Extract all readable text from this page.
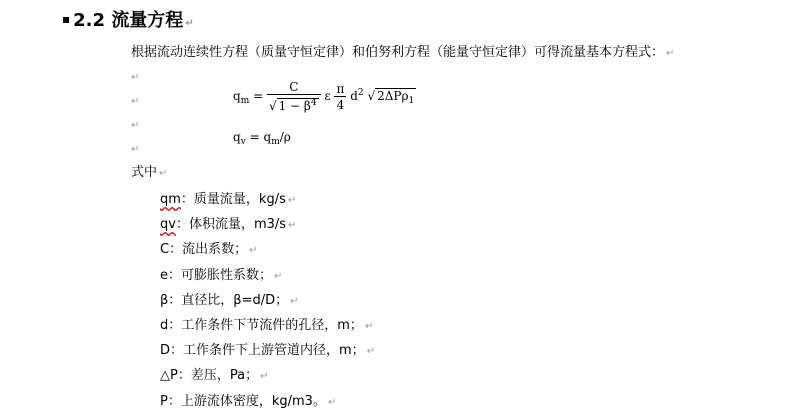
▪ 2.2 流量方程 ↵
根据流动连续性方程（质量守恒定律）和伯努利方程（能量守恒定律）可得流量基本方程式： ↵
↵
↵
↵
↵
$q_m = \frac{C}{√ 1 - \beta^4}$ ε $\frac{\pi}{4} d^2$ √ 2ΔPρ$_1$
$q_v = q_m/\rho$
式中 ↵
qm：质量流量，kg/s ↵
qv：体积流量，m3/s ↵
C：流出系数； ↵
e：可膨胀性系数； ↵
β：直径比，β=d/D； ↵
d：工作条件下节流件的孔径，m； ↵
D：工作条件下上游管道内径，m； ↵
△P：差压，Pa； ↵
P：上游流体密度，kg/m3。 ↵
